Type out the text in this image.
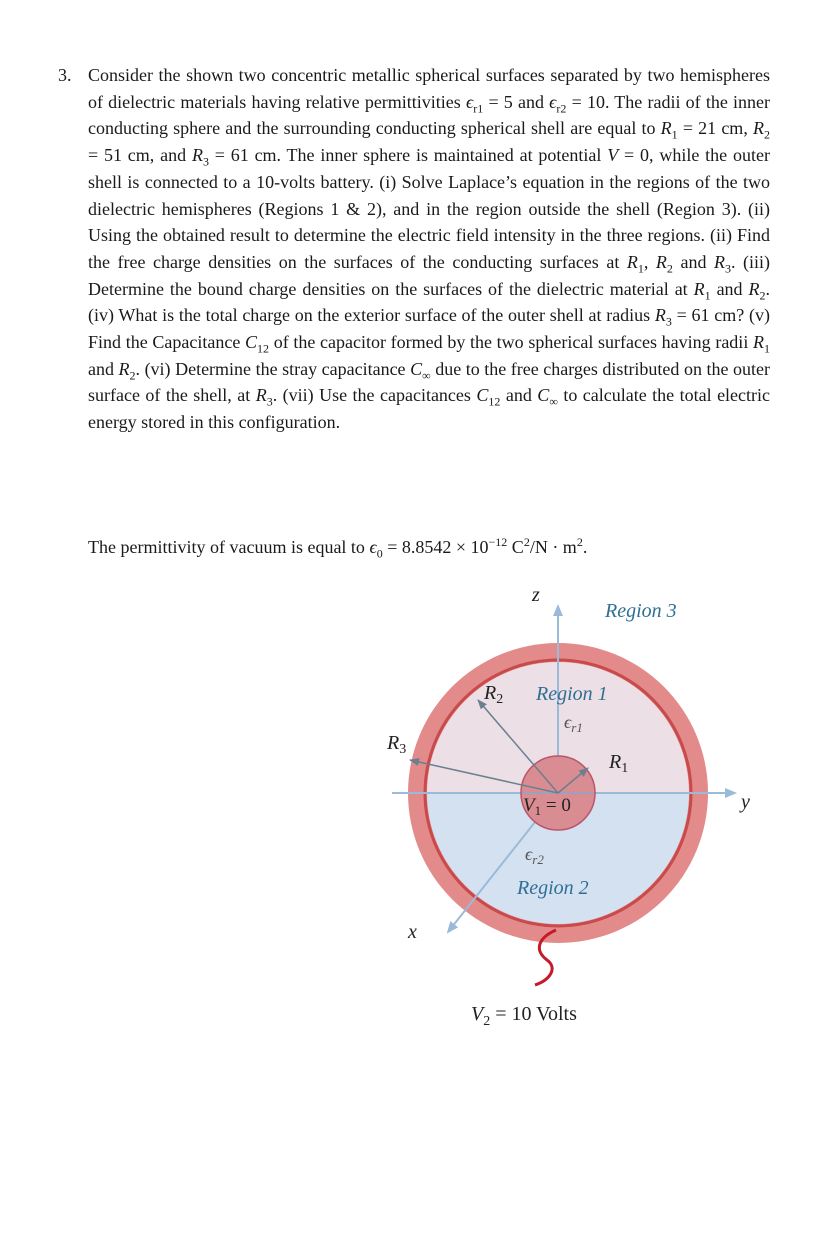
3. Consider the shown two concentric metallic spherical surfaces separated by two hemispheres of dielectric materials having relative permittivities $\epsilon_{r1} = 5$ and $\epsilon_{r2} = 10$. The radii of the inner conducting sphere and the surrounding conducting spherical shell are equal to $R_1 = 21$ cm, $R_2 = 51$ cm, and $R_3 = 61$ cm. The inner sphere is maintained at potential V = 0, while the outer shell is connected to a 10-volts battery. (i) Solve Laplace’s equation in the regions of the two dielectric hemispheres (Regions 1 & 2), and in the region outside the shell (Region 3). (ii) Using the obtained result to determine the electric field intensity in the three regions. (ii) Find the free charge densities on the surfaces of the conducting surfaces at $R_1$, $R_2$ and $R_3$. (iii) Determine the bound charge densities on the surfaces of the dielectric material at $R_1$ and $R_2$. (iv) What is the total charge on the exterior surface of the outer shell at radius $R_3 = 61$ cm? (v) Find the Capacitance $C_{12}$ of the capacitor formed by the two spherical surfaces having radii $R_1$ and $R_2$. (vi) Determine the stray capacitance $C_\infty$ due to the free charges distributed on the outer surface of the shell, at $R_3$. (vii) Use the capacitances $C_{12}$ and $C_\infty$ to calculate the total electric energy stored in this configuration.
The permittivity of vacuum is equal to $\epsilon_0 = 8.8542 \times 10^{-12}$ $C^2/N \cdot m^2$.
z
y
x
Region 3
Region 1
Region 2
$\epsilon_{r1}$
$\epsilon_{r2}$
$R_1$
$R_2$
$R_3$
$V_1 = 0$
$V_2 = 10$ Volts
